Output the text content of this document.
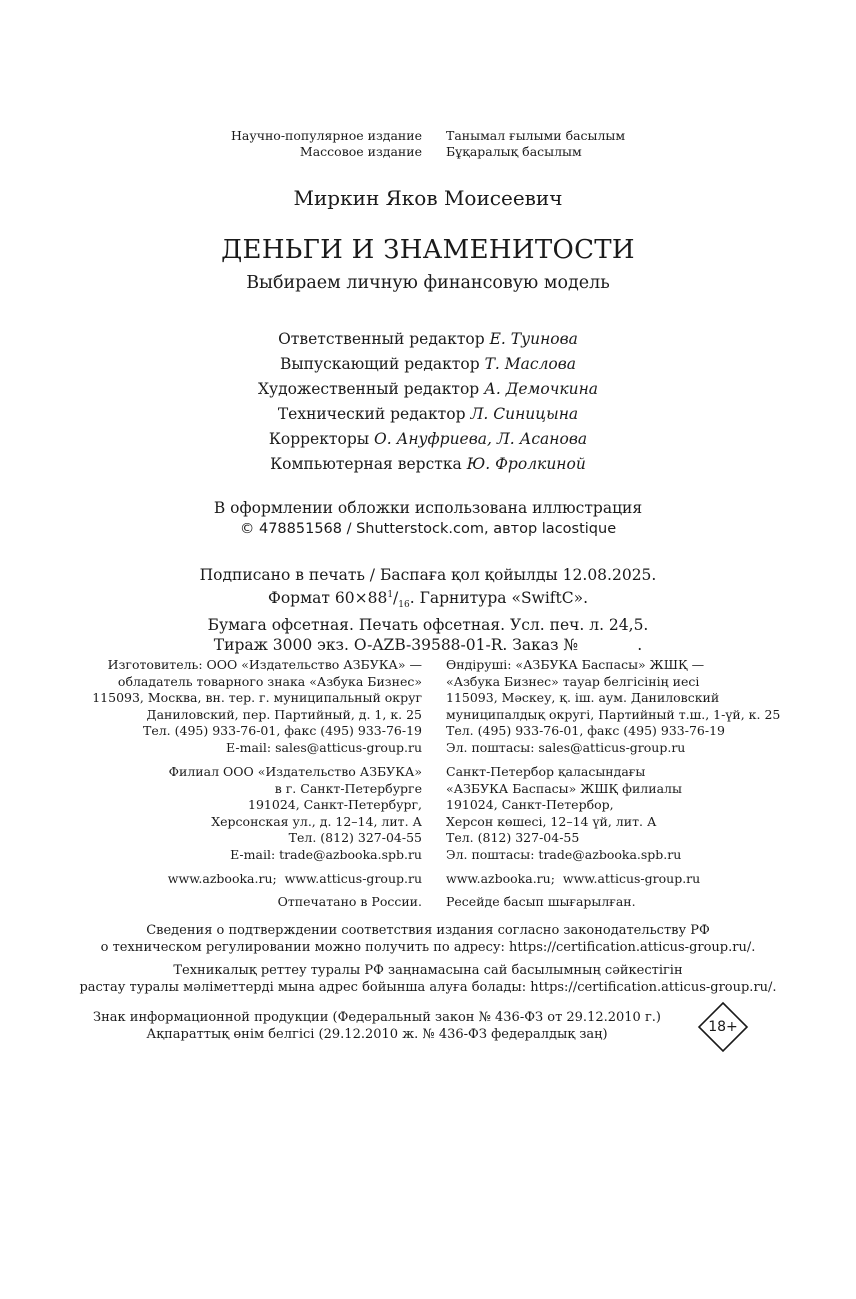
Научно-популярное издание
Массовое издание
Танымал ғылыми басылым
Бұқаралық басылым
Миркин Яков Моисеевич
ДЕНЬГИ И ЗНАМЕНИТОСТИ
Выбираем личную финансовую модель
Ответственный редактор Е. Туинова
Выпускающий редактор Т. Маслова
Художественный редактор А. Демочкина
Технический редактор Л. Синицына
Корректоры О. Ануфриева, Л. Асанова
Компьютерная верстка Ю. Фролкиной
В оформлении обложки использована иллюстрация
© 478851568 / Shutterstock.com, автор lacostique
Подписано в печать / Баспаға қол қойылды 12.08.2025.
Формат $60\times 88^1/_{16}$. Гарнитура «SwiftC».
Бумага офсетная. Печать офсетная. Усл. печ. л. 24,5.
Тираж 3000 экз. O-AZB-39588-01-R. Заказ №            .
Изготовитель: ООО «Издательство АЗБУКА» —
обладатель товарного знака «Азбука Бизнес»
115093, Москва, вн. тер. г. муниципальный округ
Даниловский, пер. Партийный, д. 1, к. 25
Тел. (495) 933-76-01, факс (495) 933-76-19
E-mail: sales@atticus-group.ru
Өндіруші: «АЗБУКА Баспасы» ЖШҚ —
«Азбука Бизнес» тауар белгісінің иесі
115093, Мәскеу, қ. іш. аум. Даниловский
муниципалдық округі, Партийный т.ш., 1-үй, к. 25
Тел. (495) 933-76-01, факс (495) 933-76-19
Эл. поштасы: sales@atticus-group.ru
Филиал ООО «Издательство АЗБУКА»
в г. Санкт-Петербурге
191024, Санкт-Петербург,
Херсонская ул., д. 12–14, лит. А
Тел. (812) 327-04-55
E-mail: trade@azbooka.spb.ru
Санкт-Петербор қаласындағы
«АЗБУКА Баспасы» ЖШҚ филиалы
191024, Санкт-Петербор,
Херсон көшесі, 12–14 үй, лит. А
Тел. (812) 327-04-55
Эл. поштасы: trade@azbooka.spb.ru
www.azbooka.ru;  www.atticus-group.ru www.azbooka.ru;  www.atticus-group.ru
Отпечатано в России. Ресейде басып шығарылған.
Сведения о подтверждении соответствия издания согласно законодательству РФ
о техническом регулировании можно получить по адресу: https://certification.atticus-group.ru/.
Техникалық реттеу туралы РФ заңнамасына сай басылымның сәйкестігін
растау туралы мәліметтерді мына адрес бойынша алуға болады: https://certification.atticus-group.ru/.
Знак информационной продукции (Федеральный закон № 436-ФЗ от 29.12.2010 г.)
Ақпараттық өнім белгісі (29.12.2010 ж. № 436-ФЗ федералдық заң)	18+
